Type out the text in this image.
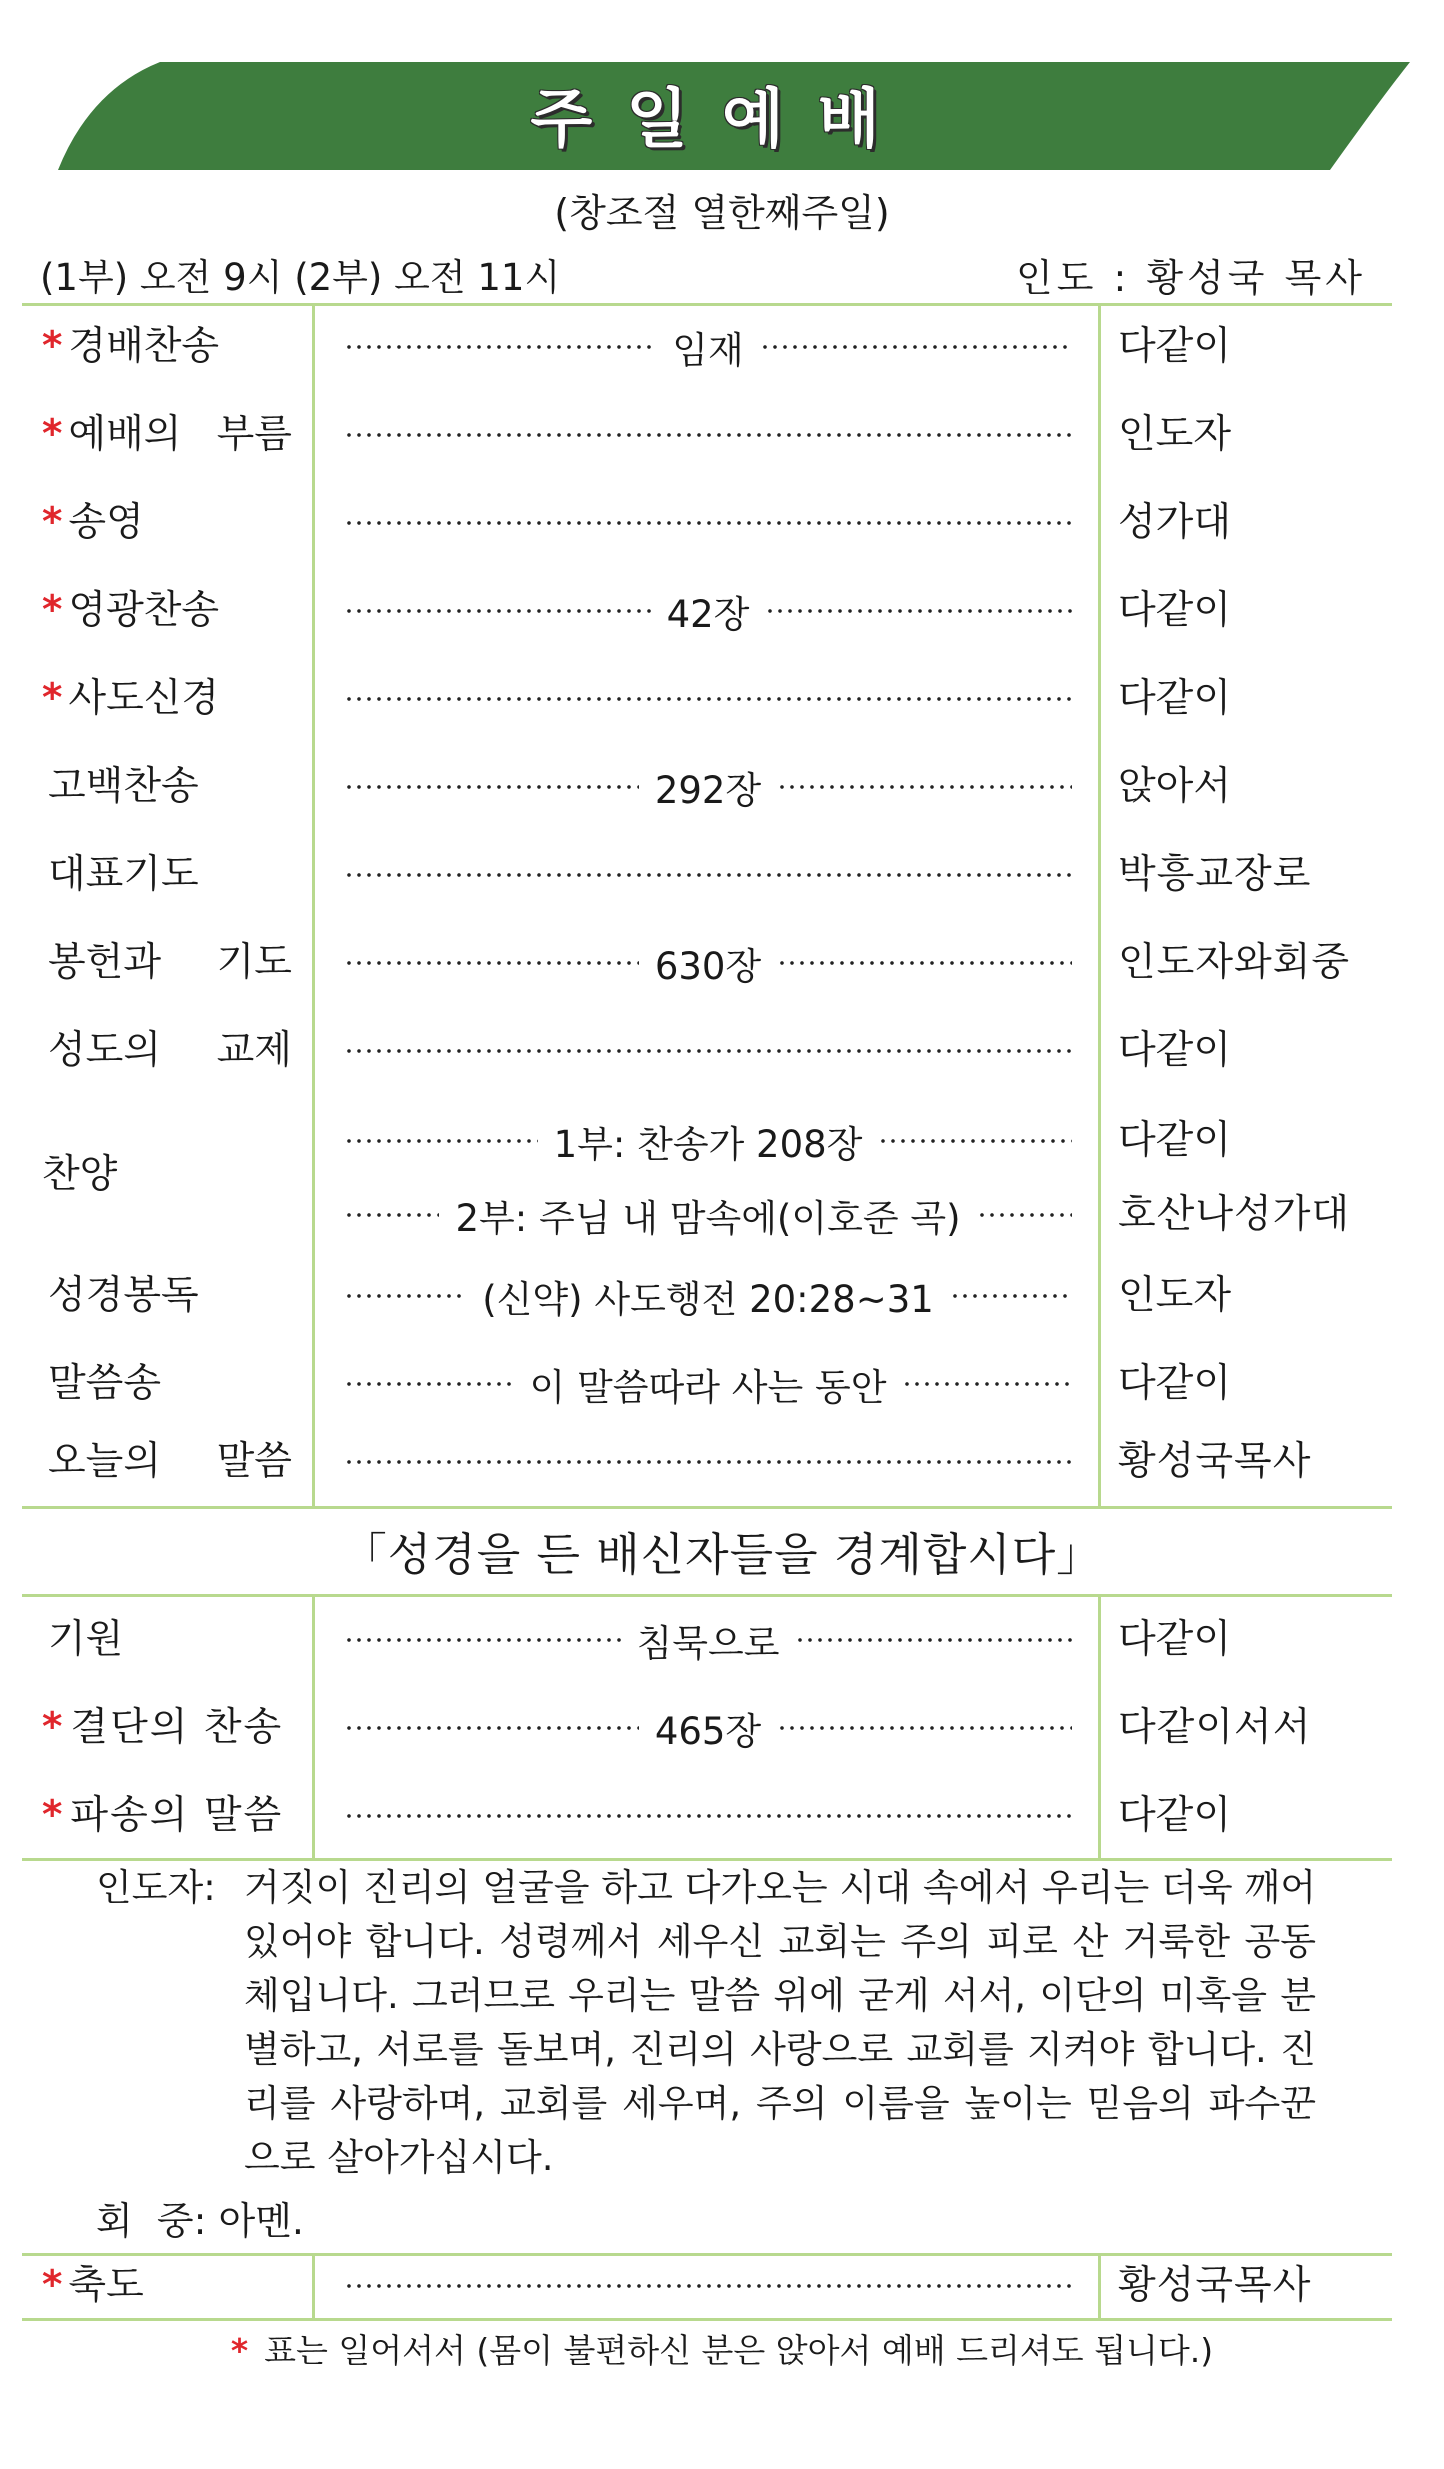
주일예배
(창조절 열한째주일)
(1부) 오전 9시 (2부) 오전 11시	인도 : 황성국 목사
* 경배찬송	임재	다같이
* 예배의 부름	인도자
* 송영	성가대
* 영광찬송	42장	다같이
* 사도신경	다같이
고백찬송	292장	앉아서
대표기도	박흥교장로
봉헌과 기도	630장	인도자와회중
성도의 교제	다같이
찬양
1부: 찬송가 208장	다같이
2부: 주님 내 맘속에(이호준 곡)	호산나성가대
성경봉독	(신약) 사도행전 20:28~31	인도자
말씀송	이 말씀따라 사는 동안	다같이
오늘의 말씀	황성국목사
「성경을 든 배신자들을 경계합시다」
기원	침묵으로	다같이
* 결단의 찬송	465장	다같이서서
* 파송의 말씀	다같이
인도자: 거짓이 진리의 얼굴을 하고 다가오는 시대 속에서 우리는 더욱 깨어 있어야 합니다. 성령께서 세우신 교회는 주의 피로 산 거룩한 공동체입니다. 그러므로 우리는 말씀 위에 굳게 서서, 이단의 미혹을 분별하고, 서로를 돌보며, 진리의 사랑으로 교회를 지켜야 합니다. 진리를 사랑하며, 교회를 세우며, 주의 이름을 높이는 믿음의 파수꾼으로 살아가십시다.
회  중: 아멘.
* 축도	황성국목사
* 표는 일어서서 (몸이 불편하신 분은 앉아서 예배 드리셔도 됩니다.)
